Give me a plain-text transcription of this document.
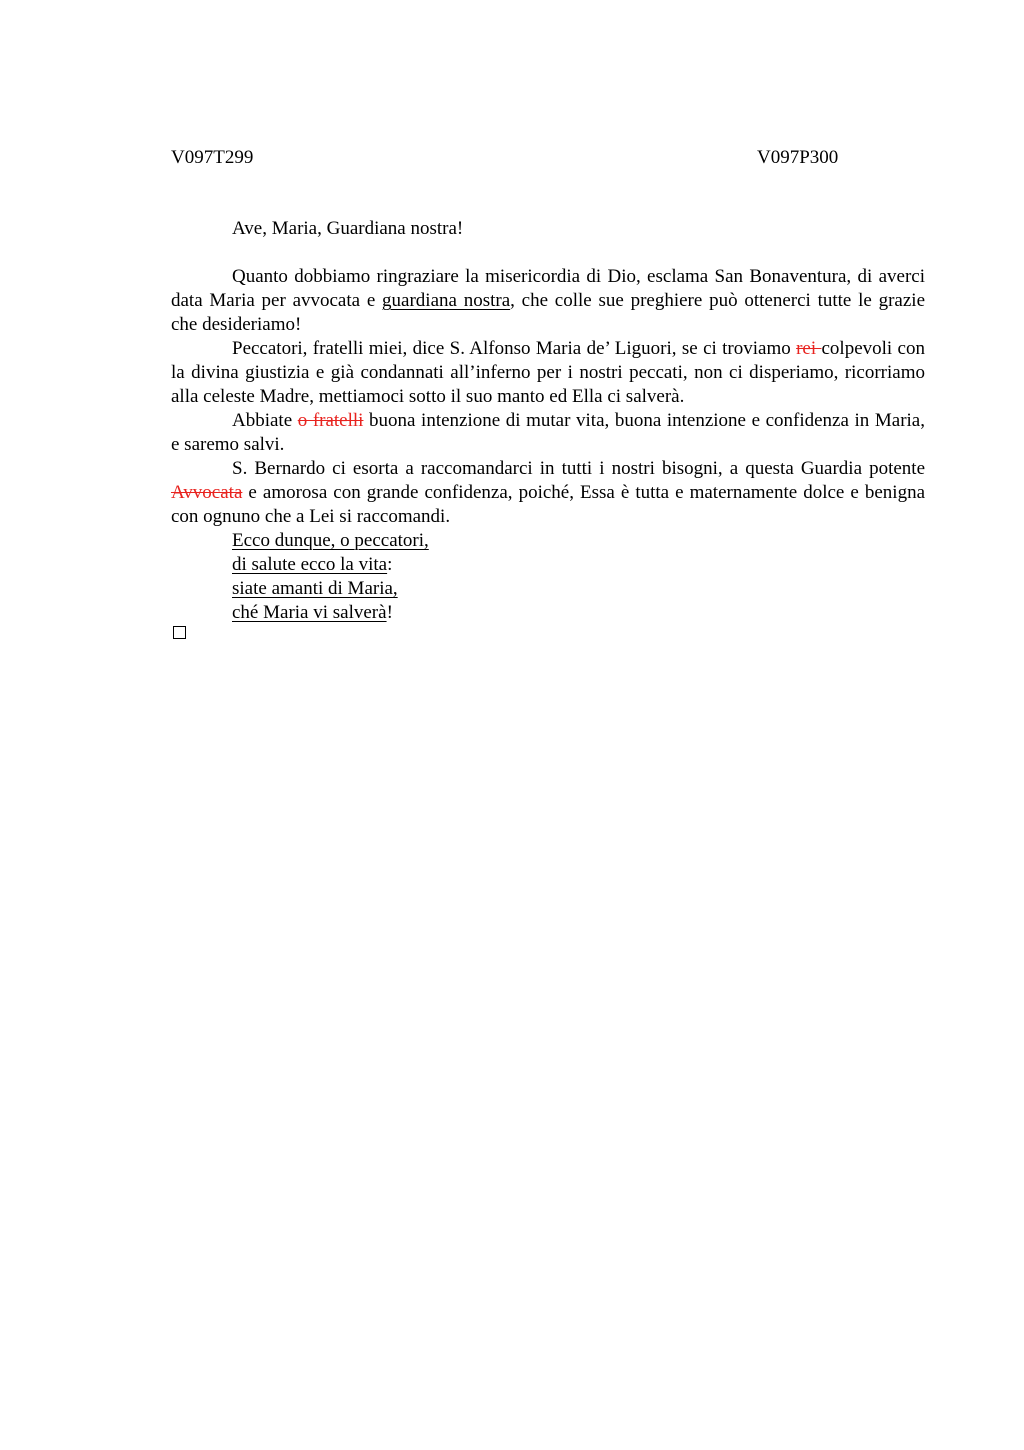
V097T299	V097P300

Ave, Maria, Guardiana nostra!

Quanto dobbiamo ringraziare la misericordia di Dio, esclama San Bonaventura, di averci data Maria per avvocata e guardiana nostra, che colle sue preghiere può ottenerci tutte le grazie che desideriamo!

Peccatori, fratelli miei, dice S. Alfonso Maria de’ Liguori, se ci troviamo rei colpevoli con la divina giustizia e già condannati all’inferno per i nostri peccati, non ci disperiamo, ricorriamo alla celeste Madre, mettiamoci sotto il suo manto ed Ella ci salverà.

Abbiate o fratelli buona intenzione di mutar vita, buona intenzione e confidenza in Maria, e saremo salvi.

S. Bernardo ci esorta a raccomandarci in tutti i nostri bisogni, a questa Guardia potente Avvocata e amorosa con grande confidenza, poiché, Essa è tutta e maternamente dolce e benigna con ognuno che a Lei si raccomandi.

Ecco dunque, o peccatori,
di salute ecco la vita:
siate amanti di Maria,
ché Maria vi salverà!
